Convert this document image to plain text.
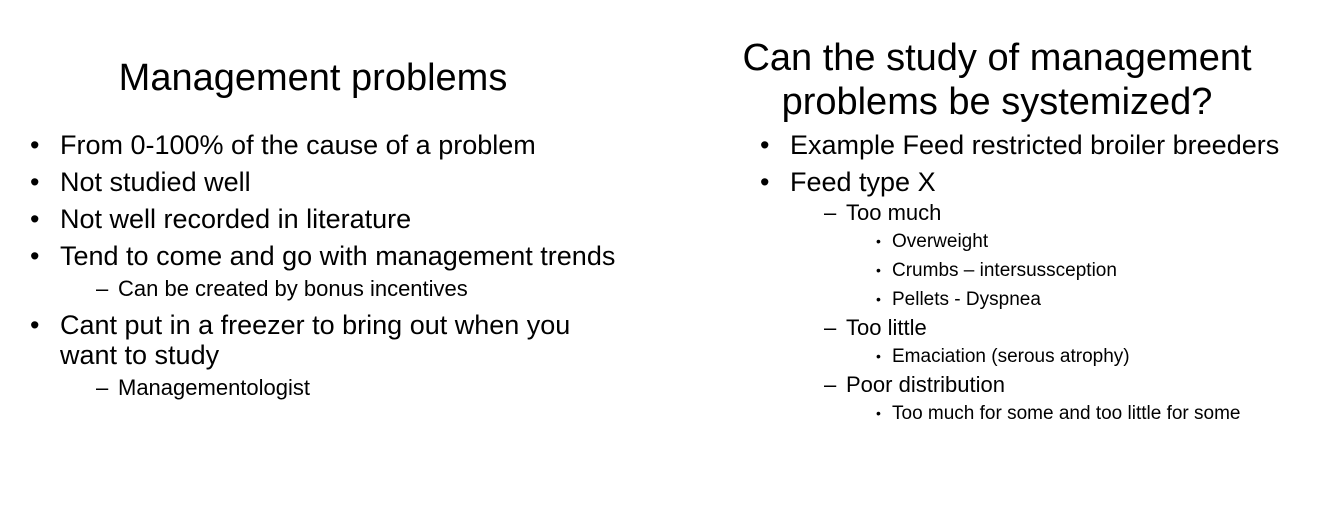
Management problems
• From 0-100% of the cause of a problem
• Not studied well
• Not well recorded in literature
• Tend to come and go with management trends
– Can be created by bonus incentives
• Cant put in a freezer to bring out when you want to study
– Managementologist
Can the study of management problems be systemized?
• Example Feed restricted broiler breeders
• Feed type X
– Too much
• Overweight
• Crumbs – intersussception
• Pellets - Dyspnea
– Too little
• Emaciation (serous atrophy)
– Poor distribution
• Too much for some and too little for some
